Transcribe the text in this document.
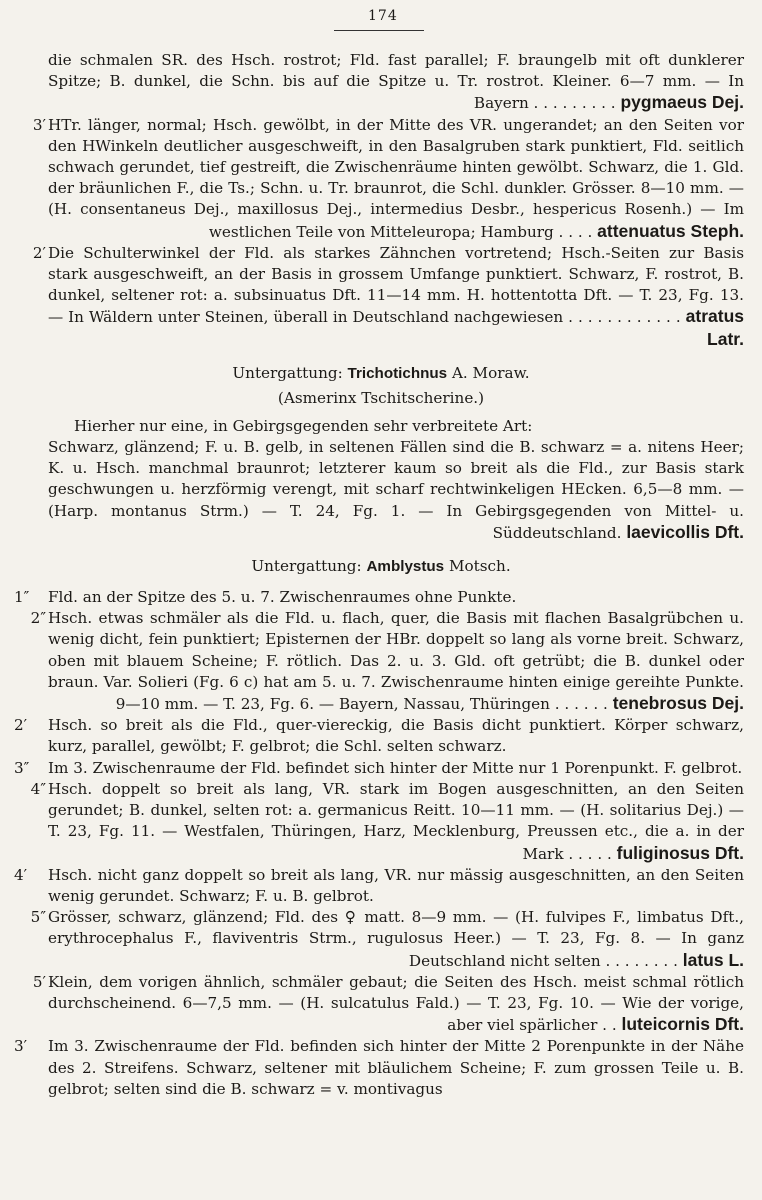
174
die schmalen SR. des Hsch. rostrot; Fld. fast parallel; F. braungelb mit oft dunklerer Spitze; B. dunkel, die Schn. bis auf die Spitze u. Tr. rostrot. Kleiner. 6—7 mm. — In Bayern . . . . . . . . . pygmaeus Dej.
3′ HTr. länger, normal; Hsch. gewölbt, in der Mitte des VR. ungerandet; an den Seiten vor den HWinkeln deutlicher ausgeschweift, in den Basalgruben stark punktiert, Fld. seitlich schwach gerundet, tief gestreift, die Zwischenräume hinten gewölbt. Schwarz, die 1. Gld. der bräunlichen F., die Ts.; Schn. u. Tr. braunrot, die Schl. dunkler. Grösser. 8—10 mm. — (H. consentaneus Dej., maxillosus Dej., intermedius Desbr., hespericus Rosenh.) — Im westlichen Teile von Mitteleuropa; Hamburg . . . . attenuatus Steph.
2′ Die Schulterwinkel der Fld. als starkes Zähnchen vortretend; Hsch.-Seiten zur Basis stark ausgeschweift, an der Basis in grossem Umfange punktiert. Schwarz, F. rostrot, B. dunkel, seltener rot: a. subsinuatus Dft. 11—14 mm. H. hottentotta Dft. — T. 23, Fg. 13. — In Wäldern unter Steinen, überall in Deutschland nachgewiesen . . . . . . . . . . . . atratus Latr.
Untergattung: Trichotichnus A. Moraw.
(Asmerinx Tschitscherine.)
Hierher nur eine, in Gebirgsgegenden sehr verbreitete Art:
Schwarz, glänzend; F. u. B. gelb, in seltenen Fällen sind die B. schwarz = a. nitens Heer; K. u. Hsch. manchmal braunrot; letzterer kaum so breit als die Fld., zur Basis stark geschwungen u. herzförmig verengt, mit scharf rechtwinkeligen HEcken. 6,5—8 mm. — (Harp. montanus Strm.) — T. 24, Fg. 1. — In Gebirgsgegenden von Mittel- u. Süddeutschland. laevicollis Dft.
Untergattung: Amblystus Motsch.
1″	Fld. an der Spitze des 5. u. 7. Zwischenraumes ohne Punkte.
2″ Hsch. etwas schmäler als die Fld. u. flach, quer, die Basis mit flachen Basalgrübchen u. wenig dicht, fein punktiert; Episternen der HBr. doppelt so lang als vorne breit. Schwarz, oben mit blauem Scheine; F. rötlich. Das 2. u. 3. Gld. oft getrübt; die B. dunkel oder braun. Var. Solieri (Fg. 6 c) hat am 5. u. 7. Zwischenraume hinten einige gereihte Punkte. 9—10 mm. — T. 23, Fg. 6. — Bayern, Nassau, Thüringen . . . . . . tenebrosus Dej.
2′	Hsch. so breit als die Fld., quer-viereckig, die Basis dicht punktiert. Körper schwarz, kurz, parallel, gewölbt; F. gelbrot; die Schl. selten schwarz.
3″	Im 3. Zwischenraume der Fld. befindet sich hinter der Mitte nur 1 Porenpunkt. F. gelbrot.
4″ Hsch. doppelt so breit als lang, VR. stark im Bogen ausgeschnitten, an den Seiten gerundet; B. dunkel, selten rot: a. germanicus Reitt. 10—11 mm. — (H. solitarius Dej.) — T. 23, Fg. 11. — Westfalen, Thüringen, Harz, Mecklenburg, Preussen etc., die a. in der Mark . . . . . fuliginosus Dft.
4′	Hsch. nicht ganz doppelt so breit als lang, VR. nur mässig ausgeschnitten, an den Seiten wenig gerundet. Schwarz; F. u. B. gelbrot.
5″ Grösser, schwarz, glänzend; Fld. des ♀ matt. 8—9 mm. — (H. fulvipes F., limbatus Dft., erythrocephalus F., flaviventris Strm., rugulosus Heer.) — T. 23, Fg. 8. — In ganz Deutschland nicht selten . . . . . . . . latus L.
5′ Klein, dem vorigen ähnlich, schmäler gebaut; die Seiten des Hsch. meist schmal rötlich durchscheinend. 6—7,5 mm. — (H. sulcatulus Fald.) — T. 23, Fg. 10. — Wie der vorige, aber viel spärlicher . . luteicornis Dft.
3′	Im 3. Zwischenraume der Fld. befinden sich hinter der Mitte 2 Porenpunkte in der Nähe des 2. Streifens. Schwarz, seltener mit bläulichem Scheine; F. zum grossen Teile u. B. gelbrot; selten sind die B. schwarz = v. montivagus
